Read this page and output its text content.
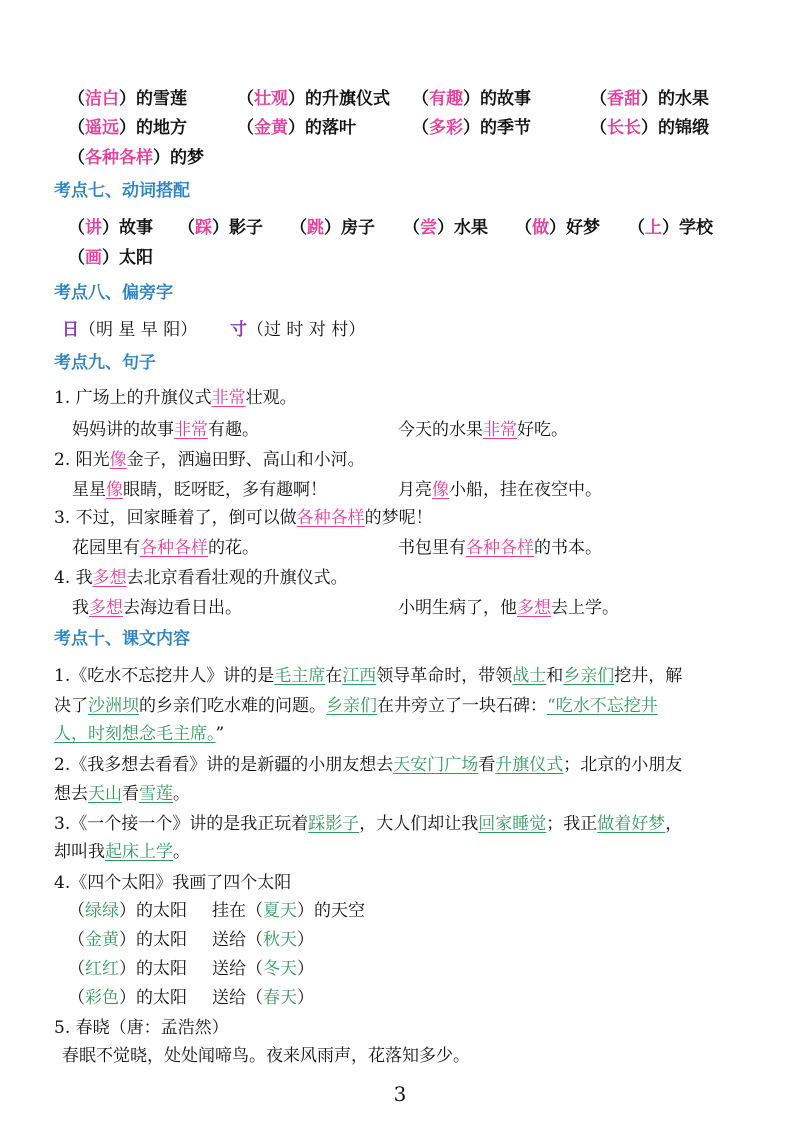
（洁白）的雪莲	（壮观）的升旗仪式 （有趣）的故事	（香甜）的水果
（遥远）的地方	（金黄）的落叶	（多彩）的季节	（长长）的锦缎
（各种各样）的梦
考点七、动词搭配
（讲）故事 （踩）影子 （跳）房子 （尝）水果 （做）好梦 （上）学校
（画）太阳
考点八、偏旁字
日（明 星 早 阳） 寸（过 时 对 村）
考点九、句子
1. 广场上的升旗仪式非常壮观。
妈妈讲的故事非常有趣。	今天的水果非常好吃。
2. 阳光像金子，洒遍田野、高山和小河。
星星像眼睛，眨呀眨，多有趣啊！	月亮像小船，挂在夜空中。
3. 不过，回家睡着了，倒可以做各种各样的梦呢！
花园里有各种各样的花。	书包里有各种各样的书本。
4. 我多想去北京看看壮观的升旗仪式。
我多想去海边看日出。	小明生病了，他多想去上学。
考点十、课文内容
1.《吃水不忘挖井人》讲的是毛主席在江西领导革命时，带领战士和乡亲们挖井，解
决了沙洲坝的乡亲们吃水难的问题。乡亲们在井旁立了一块石碑：“吃水不忘挖井
人，时刻想念毛主席。”
2.《我多想去看看》讲的是新疆的小朋友想去天安门广场看升旗仪式；北京的小朋友
想去天山看雪莲。
3.《一个接一个》讲的是我正玩着踩影子，大人们却让我回家睡觉；我正做着好梦，
却叫我起床上学。
4.《四个太阳》我画了四个太阳
（绿绿）的太阳 挂在（夏天）的天空
（金黄）的太阳 送给（秋天）
（红红）的太阳 送给（冬天）
（彩色）的太阳 送给（春天）
5. 春晓（唐：孟浩然）
春眠不觉晓，处处闻啼鸟。夜来风雨声，花落知多少。
3
